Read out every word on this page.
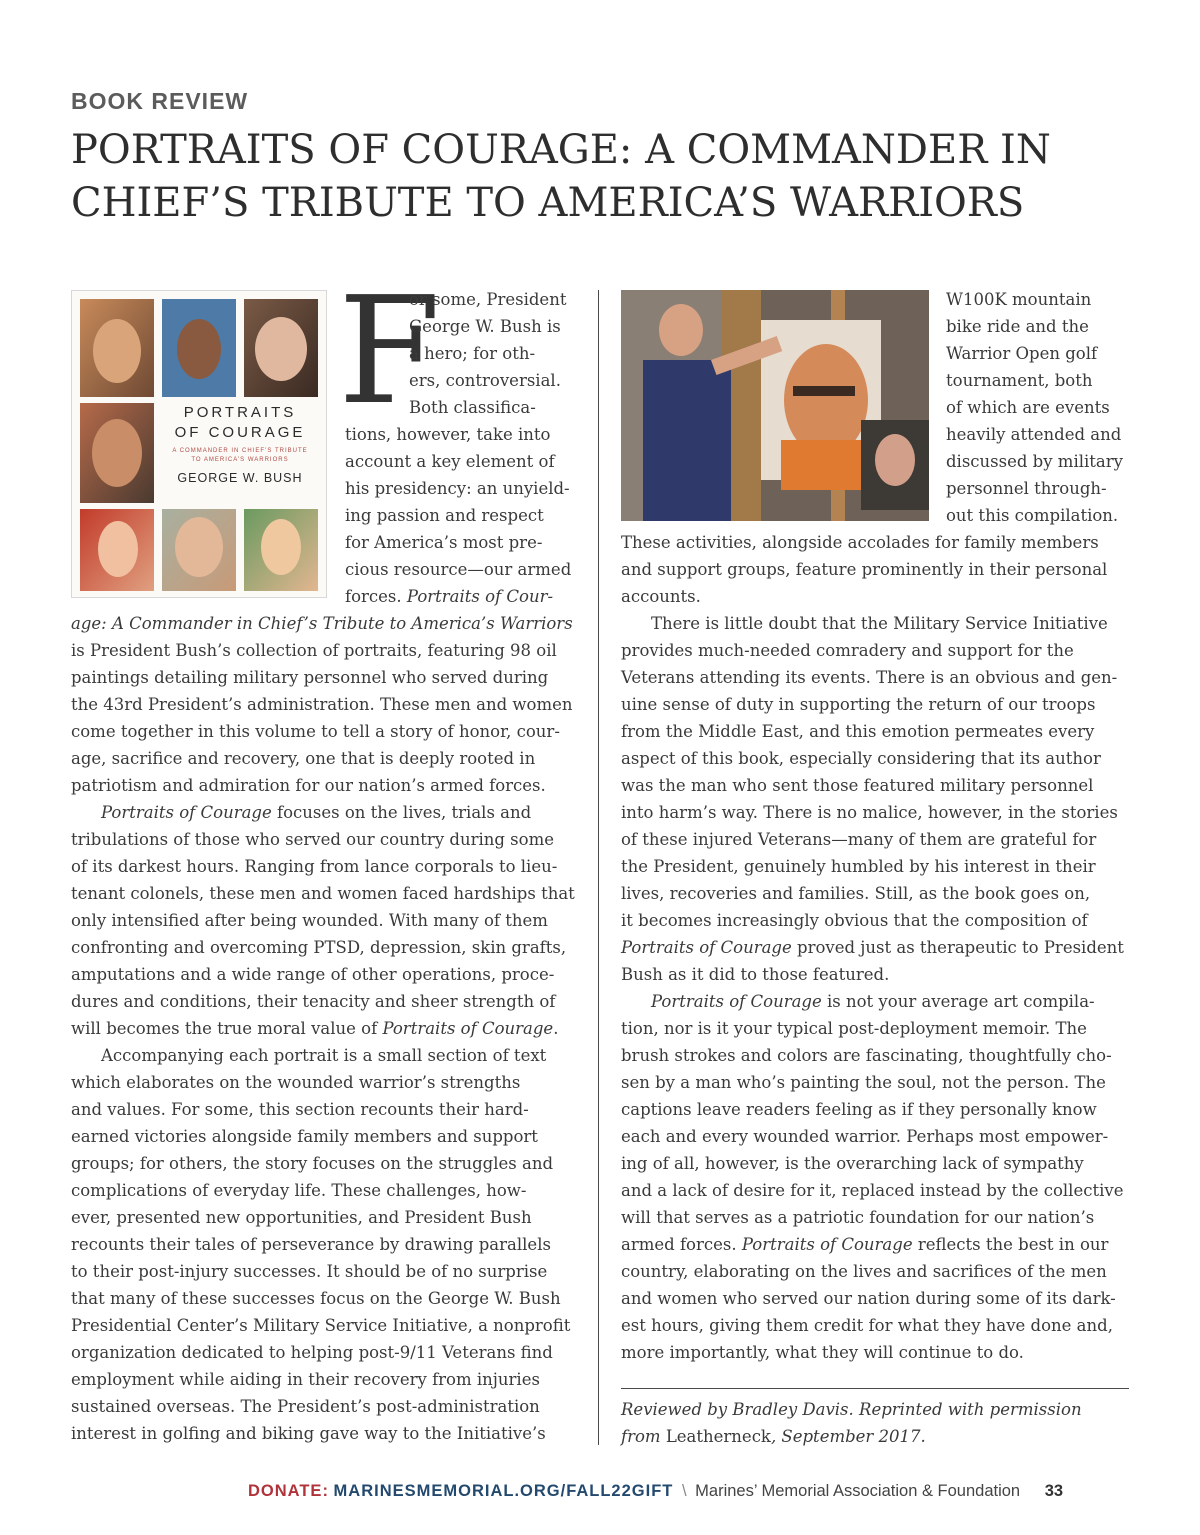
BOOK REVIEW
PORTRAITS OF COURAGE: A COMMANDER IN
CHIEF’S TRIBUTE TO AMERICA’S WARRIORS
PORTRAITS
OF COURAGE
A COMMANDER IN CHIEF’S TRIBUTE
TO AMERICA’S WARRIORS
GEORGE W. BUSH
F
or some, President
George W. Bush is
a hero; for oth-
ers, controversial.
Both classifica-
tions, however, take into
account a key element of
his presidency: an unyield-
ing passion and respect
for America’s most pre-
cious resource—our armed
forces. Portraits of Cour-
age: A Commander in Chief’s Tribute to America’s Warriors
is President Bush’s collection of portraits, featuring 98 oil
paintings detailing military personnel who served during
the 43rd President’s administration. These men and women
come together in this volume to tell a story of honor, cour-
age, sacrifice and recovery, one that is deeply rooted in
patriotism and admiration for our nation’s armed forces.
Portraits of Courage focuses on the lives, trials and
tribulations of those who served our country during some
of its darkest hours. Ranging from lance corporals to lieu-
tenant colonels, these men and women faced hardships that
only intensified after being wounded. With many of them
confronting and overcoming PTSD, depression, skin grafts,
amputations and a wide range of other operations, proce-
dures and conditions, their tenacity and sheer strength of
will becomes the true moral value of Portraits of Courage.
Accompanying each portrait is a small section of text
which elaborates on the wounded warrior’s strengths
and values. For some, this section recounts their hard-
earned victories alongside family members and support
groups; for others, the story focuses on the struggles and
complications of everyday life. These challenges, how-
ever, presented new opportunities, and President Bush
recounts their tales of perseverance by drawing parallels
to their post-injury successes. It should be of no surprise
that many of these successes focus on the George W. Bush
Presidential Center’s Military Service Initiative, a nonprofit
organization dedicated to helping post-9/11 Veterans find
employment while aiding in their recovery from injuries
sustained overseas. The President’s post-administration
interest in golfing and biking gave way to the Initiative’s
W100K mountain
bike ride and the
Warrior Open golf
tournament, both
of which are events
heavily attended and
discussed by military
personnel through-
out this compilation.
These activities, alongside accolades for family members
and support groups, feature prominently in their personal
accounts.
There is little doubt that the Military Service Initiative
provides much-needed comradery and support for the
Veterans attending its events. There is an obvious and gen-
uine sense of duty in supporting the return of our troops
from the Middle East, and this emotion permeates every
aspect of this book, especially considering that its author
was the man who sent those featured military personnel
into harm’s way. There is no malice, however, in the stories
of these injured Veterans—many of them are grateful for
the President, genuinely humbled by his interest in their
lives, recoveries and families. Still, as the book goes on,
it becomes increasingly obvious that the composition of
Portraits of Courage proved just as therapeutic to President
Bush as it did to those featured.
Portraits of Courage is not your average art compila-
tion, nor is it your typical post-deployment memoir. The
brush strokes and colors are fascinating, thoughtfully cho-
sen by a man who’s painting the soul, not the person. The
captions leave readers feeling as if they personally know
each and every wounded warrior. Perhaps most empower-
ing of all, however, is the overarching lack of sympathy
and a lack of desire for it, replaced instead by the collective
will that serves as a patriotic foundation for our nation’s
armed forces. Portraits of Courage reflects the best in our
country, elaborating on the lives and sacrifices of the men
and women who served our nation during some of its dark-
est hours, giving them credit for what they have done and,
more importantly, what they will continue to do.
Reviewed by Bradley Davis. Reprinted with permission
from Leatherneck, September 2017.
DONATE: MARINESMEMORIAL.ORG/FALL22GIFT \ Marines’ Memorial Association & Foundation 33
